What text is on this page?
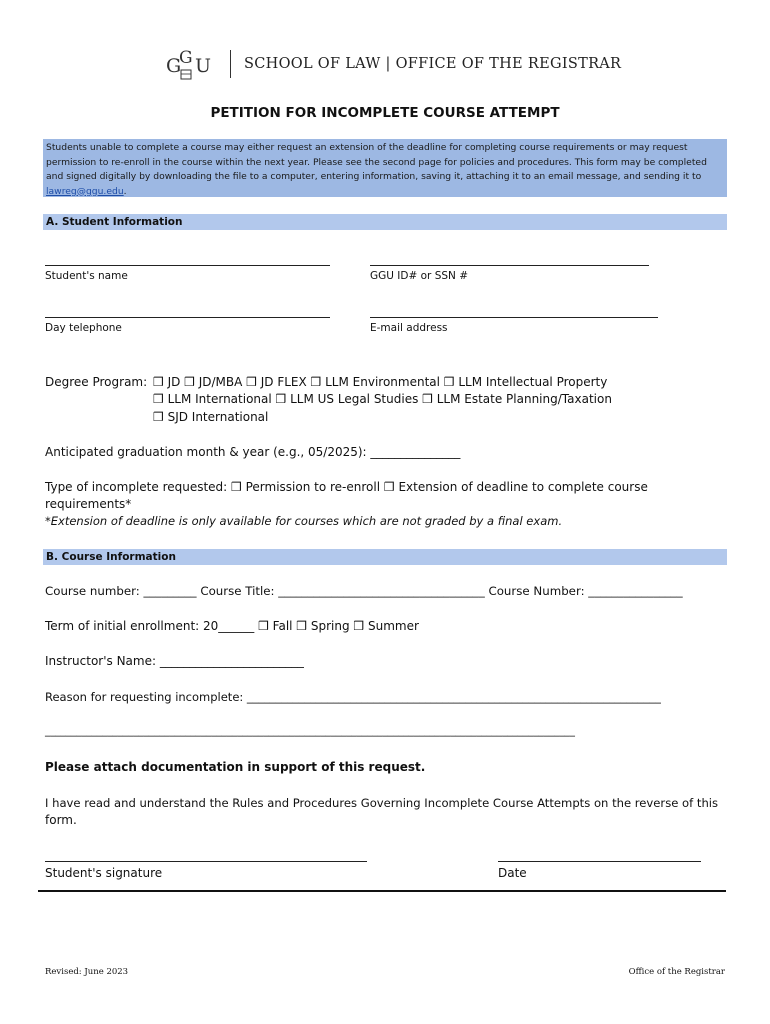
G
G U SCHOOL OF LAW | OFFICE OF THE REGISTRAR
PETITION FOR INCOMPLETE COURSE ATTEMPT
Students unable to complete a course may either request an extension of the deadline for completing course requirements or may request permission to re-enroll in the course within the next year. Please see the second page for policies and procedures. This form may be completed and signed digitally by downloading the file to a computer, entering information, saving it, attaching it to an email message, and sending it to lawreg@ggu.edu.
A. Student Information
Student's name	GGU ID# or SSN #
Day telephone	E-mail address
Degree Program: ❒ JD ❒ JD/MBA ❒ JD FLEX ❒ LLM Environmental ❒ LLM Intellectual Property
❒ LLM International ❒ LLM US Legal Studies ❒ LLM Estate Planning/Taxation
❒ SJD International
Anticipated graduation month & year (e.g., 05/2025): _______________
Type of incomplete requested: ❒ Permission to re-enroll ❒ Extension of deadline to complete course
requirements*
*Extension of deadline is only available for courses which are not graded by a final exam.
B. Course Information
Course number: _________ Course Title: ___________________________________ Course Number: ________________
Term of initial enrollment: 20______ ❒ Fall ❒ Spring ❒ Summer
Instructor's Name: ________________________
Reason for requesting incomplete: ________________________________________________________________________
______________________________________________________________________________________________________
Please attach documentation in support of this request.
I have read and understand the Rules and Procedures Governing Incomplete Course Attempts on the reverse of this
form.
Student's signature	Date
Revised: June 2023	Office of the Registrar
